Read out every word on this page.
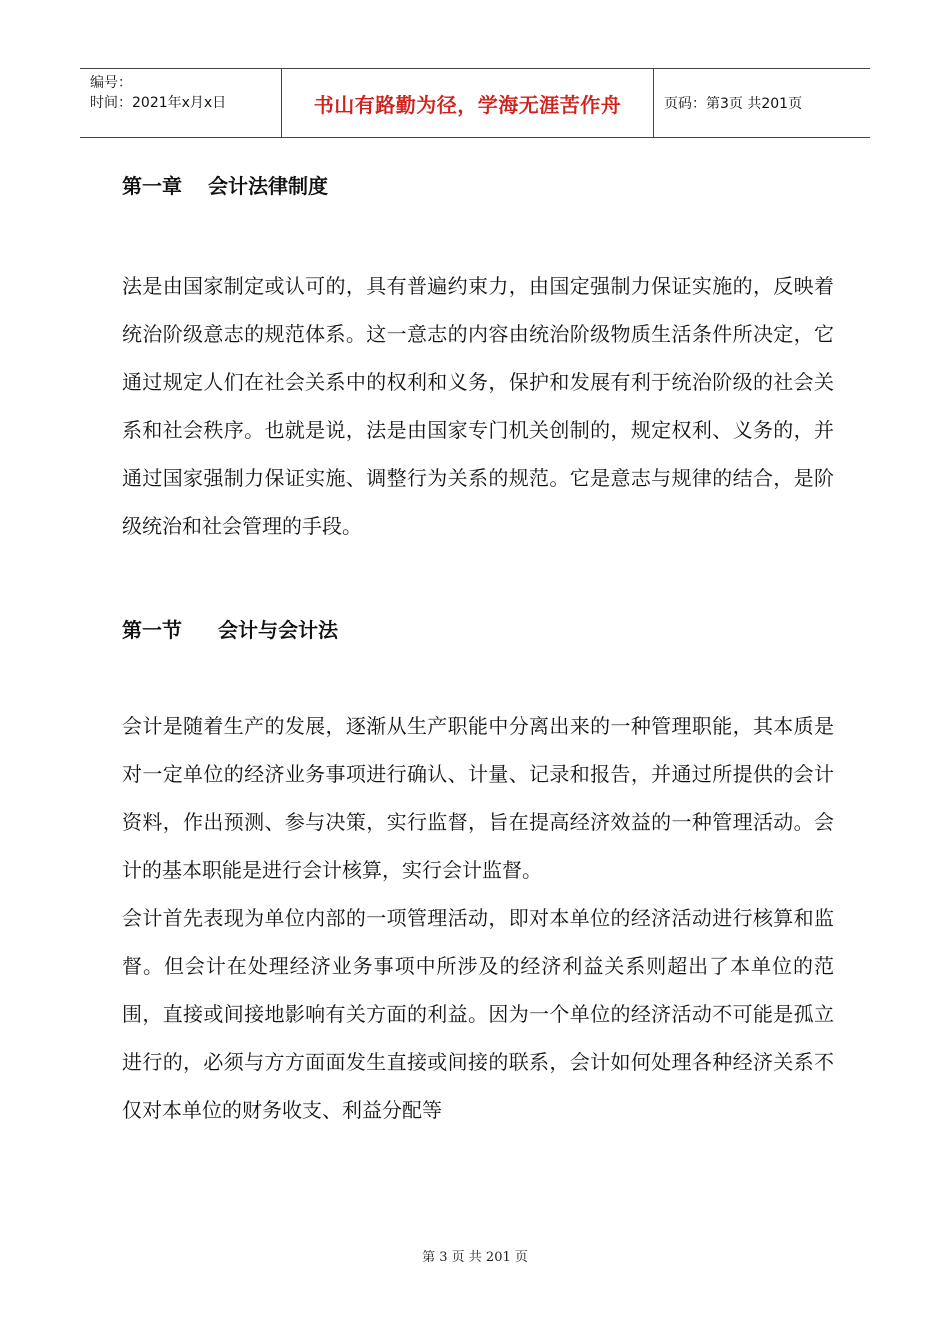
编号：
时间：2021年x月x日	书山有路勤为径，学海无涯苦作舟	页码：第3页 共201页
第一章 会计法律制度

法是由国家制定或认可的，具有普遍约束力，由国定强制力保证实施的，反映着统治阶级意志的规范体系。这一意志的内容由统治阶级物质生活条件所决定，它通过规定人们在社会关系中的权利和义务，保护和发展有利于统治阶级的社会关系和社会秩序。也就是说，法是由国家专门机关创制的，规定权利、义务的，并通过国家强制力保证实施、调整行为关系的规范。它是意志与规律的结合，是阶级统治和社会管理的手段。

第一节 会计与会计法

会计是随着生产的发展，逐渐从生产职能中分离出来的一种管理职能，其本质是对一定单位的经济业务事项进行确认、计量、记录和报告，并通过所提供的会计资料，作出预测、参与决策，实行监督，旨在提高经济效益的一种管理活动。会计的基本职能是进行会计核算，实行会计监督。

会计首先表现为单位内部的一项管理活动，即对本单位的经济活动进行核算和监督。但会计在处理经济业务事项中所涉及的经济利益关系则超出了本单位的范围，直接或间接地影响有关方面的利益。因为一个单位的经济活动不可能是孤立进行的，必须与方方面面发生直接或间接的联系，会计如何处理各种经济关系不仅对本单位的财务收支、利益分配等

第 3 页 共 201 页
